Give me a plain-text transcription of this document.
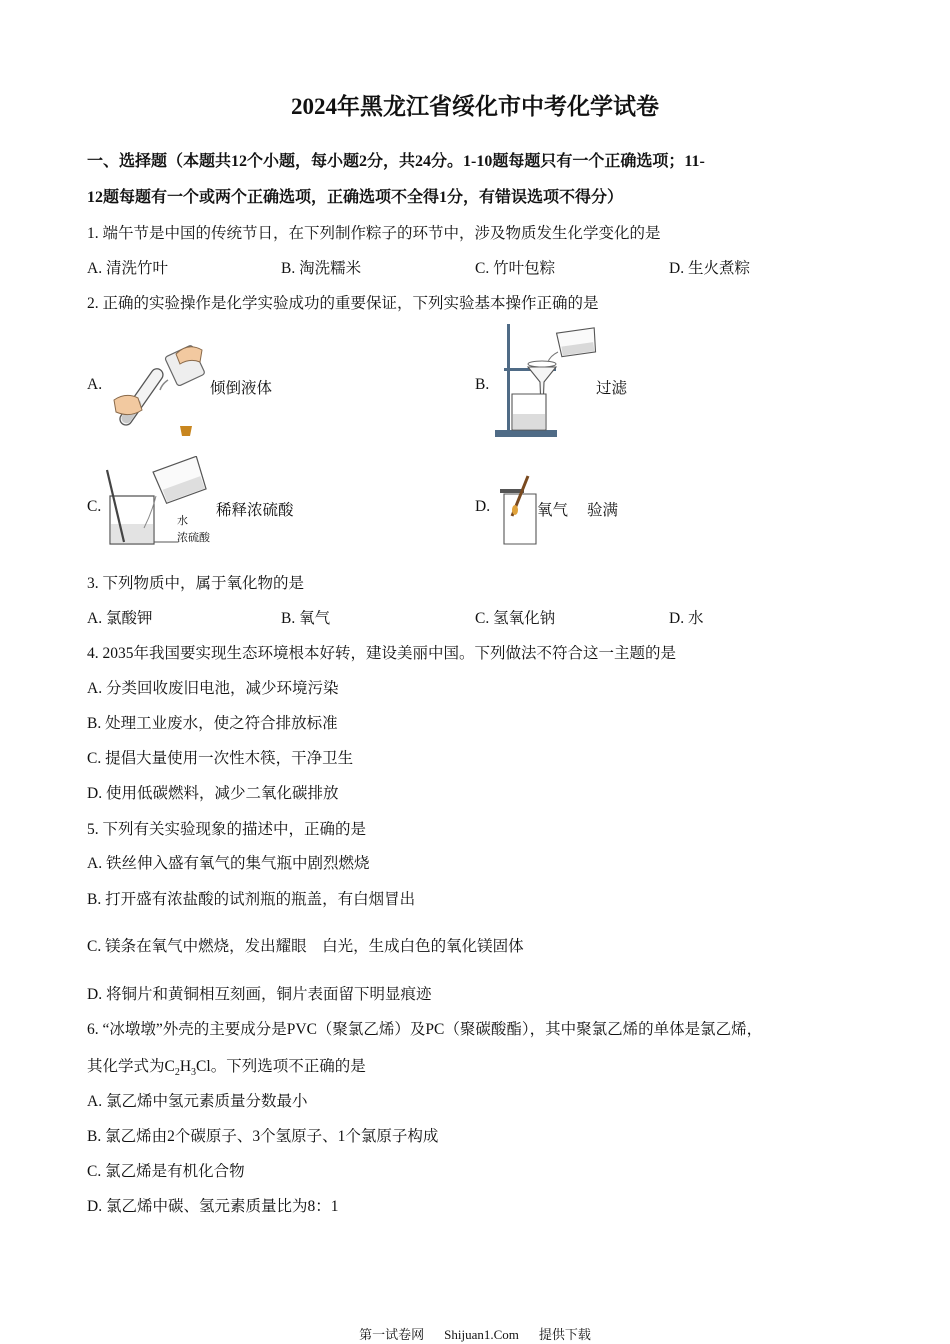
2024年黑龙江省绥化市中考化学试卷
一、选择题（本题共12个小题，每小题2分，共24分。1-10题每题只有一个正确选项；11-
12题每题有一个或两个正确选项，正确选项不全得1分，有错误选项不得分）
1. 端午节是中国的传统节日，在下列制作粽子的环节中，涉及物质发生化学变化的是
A. 清洗竹叶	B. 淘洗糯米	C. 竹叶包粽	D. 生火煮粽
2. 正确的实验操作是化学实验成功的重要保证，下列实验基本操作正确的是
A.	倾倒液体	B.	过滤
C.
水
浓硫酸
稀释浓硫酸	D.	氧气 验满
3. 下列物质中，属于氧化物的是
A. 氯酸钾	B. 氧气	C. 氢氧化钠	D. 水
4. 2035年我国要实现生态环境根本好转，建设美丽中国。下列做法不符合这一主题的是
A. 分类回收废旧电池，减少环境污染
B. 处理工业废水，使之符合排放标准
C. 提倡大量使用一次性木筷，干净卫生
D. 使用低碳燃料，减少二氧化碳排放
5. 下列有关实验现象的描述中，正确的是
A. 铁丝伸入盛有氧气的集气瓶中剧烈燃烧
B. 打开盛有浓盐酸的试剂瓶的瓶盖，有白烟冒出
C. 镁条在氧气中燃烧，发出耀眼　白光，生成白色的氧化镁固体
D. 将铜片和黄铜相互刻画，铜片表面留下明显痕迹
6. “冰墩墩”外壳的主要成分是PVC（聚氯乙烯）及PC（聚碳酸酯），其中聚氯乙烯的单体是氯乙烯，
其化学式为$C_2H_3Cl$。下列选项不正确的是
A. 氯乙烯中氢元素质量分数最小
B. 氯乙烯由2个碳原子、3个氢原子、1个氯原子构成
C. 氯乙烯是有机化合物
D. 氯乙烯中碳、氢元素质量比为8：1
第一试卷网 Shijuan1.Com 提供下载
